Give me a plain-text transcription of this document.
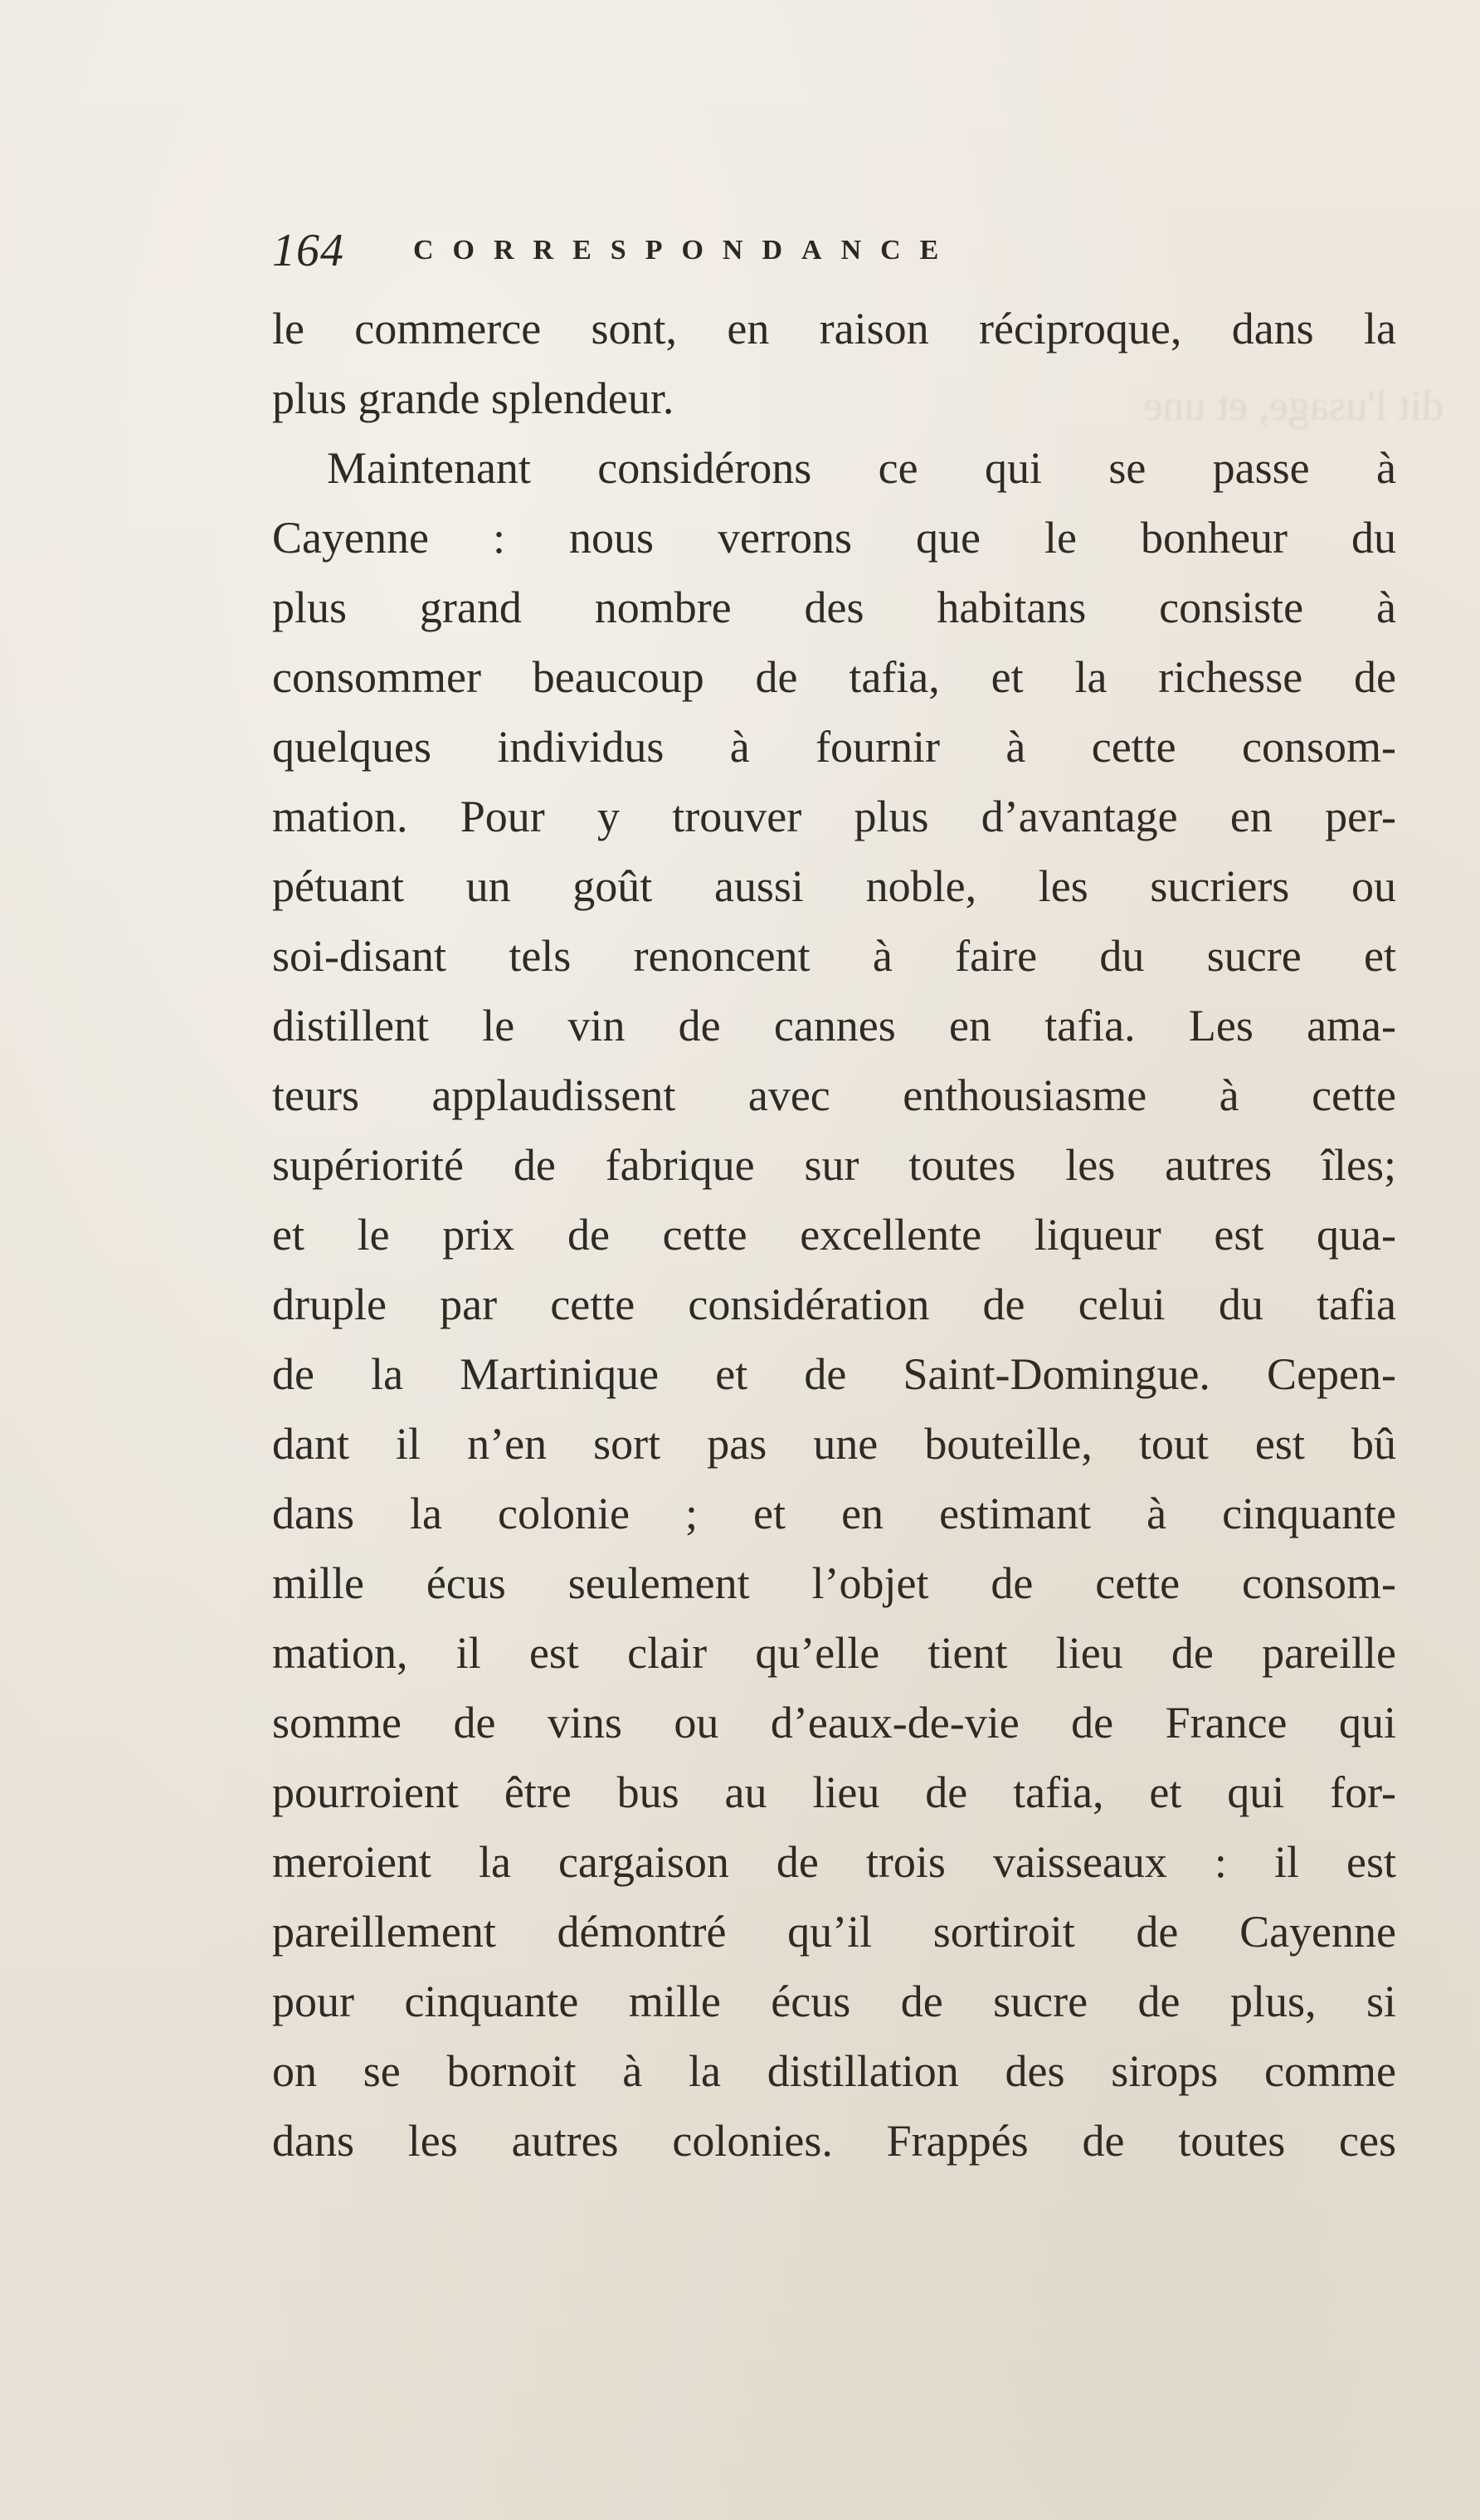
dit l'usage, et une
164 CORRESPONDANCE
le commerce sont, en raison réciproque, dans la
plus grande splendeur.
Maintenant considérons ce qui se passe à
Cayenne : nous verrons que le bonheur du
plus grand nombre des habitans consiste à
consommer beaucoup de tafia, et la richesse de
quelques individus à fournir à cette consom-
mation. Pour y trouver plus d’avantage en per-
pétuant un goût aussi noble, les sucriers ou
soi-disant tels renoncent à faire du sucre et
distillent le vin de cannes en tafia. Les ama-
teurs applaudissent avec enthousiasme à cette
supériorité de fabrique sur toutes les autres îles;
et le prix de cette excellente liqueur est qua-
druple par cette considération de celui du tafia
de la Martinique et de Saint-Domingue. Cepen-
dant il n’en sort pas une bouteille, tout est bû
dans la colonie ; et en estimant à cinquante
mille écus seulement l’objet de cette consom-
mation, il est clair qu’elle tient lieu de pareille
somme de vins ou d’eaux-de-vie de France qui
pourroient être bus au lieu de tafia, et qui for-
meroient la cargaison de trois vaisseaux : il est
pareillement démontré qu’il sortiroit de Cayenne
pour cinquante mille écus de sucre de plus, si
on se bornoit à la distillation des sirops comme
dans les autres colonies. Frappés de toutes ces
